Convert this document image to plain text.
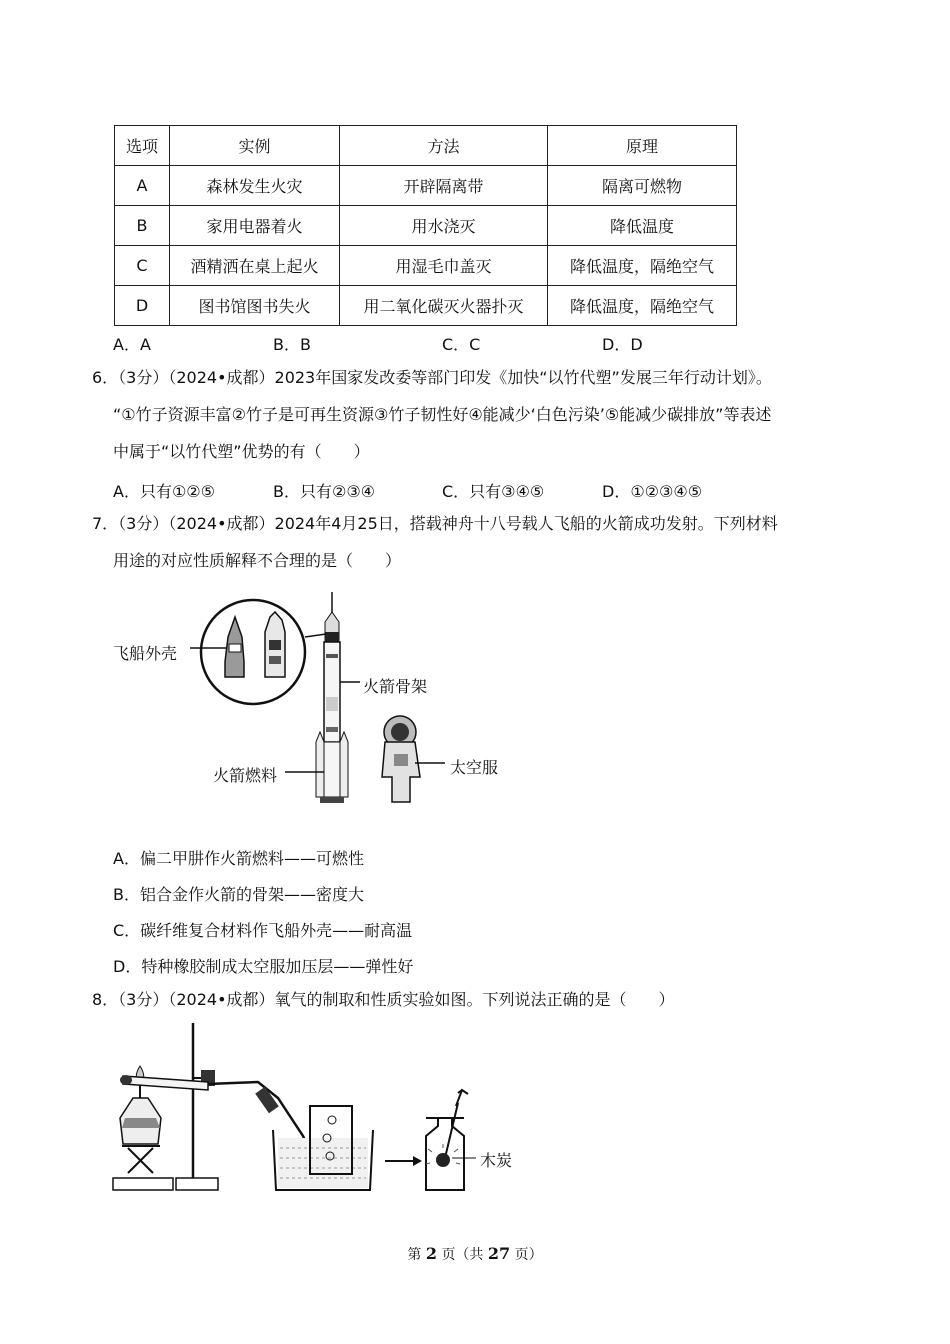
选项	实例	方法	原理
A	森林发生火灾	开辟隔离带	隔离可燃物
B	家用电器着火	用水浇灭	降低温度
C	酒精洒在桌上起火	用湿毛巾盖灭	降低温度，隔绝空气
D	图书馆图书失火	用二氧化碳灭火器扑灭	降低温度，隔绝空气
A．A	B．B	C．C	D．D
6．（3分）（2024•成都）2023年国家发改委等部门印发《加快“以竹代塑”发展三年行动计划》。
“①竹子资源丰富②竹子是可再生资源③竹子韧性好④能减少‘白色污染’⑤能减少碳排放”等表述
中属于“以竹代塑”优势的有（　　）
A．只有①②⑤	B．只有②③④	C．只有③④⑤	D．①②③④⑤
7．（3分）（2024•成都）2024年4月25日，搭载神舟十八号载人飞船的火箭成功发射。下列材料
用途的对应性质解释不合理的是（　　）
飞船外壳
火箭骨架
火箭燃料	太空服
A．偏二甲肼作火箭燃料——可燃性
B．铝合金作火箭的骨架——密度大
C．碳纤维复合材料作飞船外壳——耐高温
D．特种橡胶制成太空服加压层——弹性好
8．（3分）（2024•成都）氧气的制取和性质实验如图。下列说法正确的是（　　）
木炭
第 2 页（共 27 页）
